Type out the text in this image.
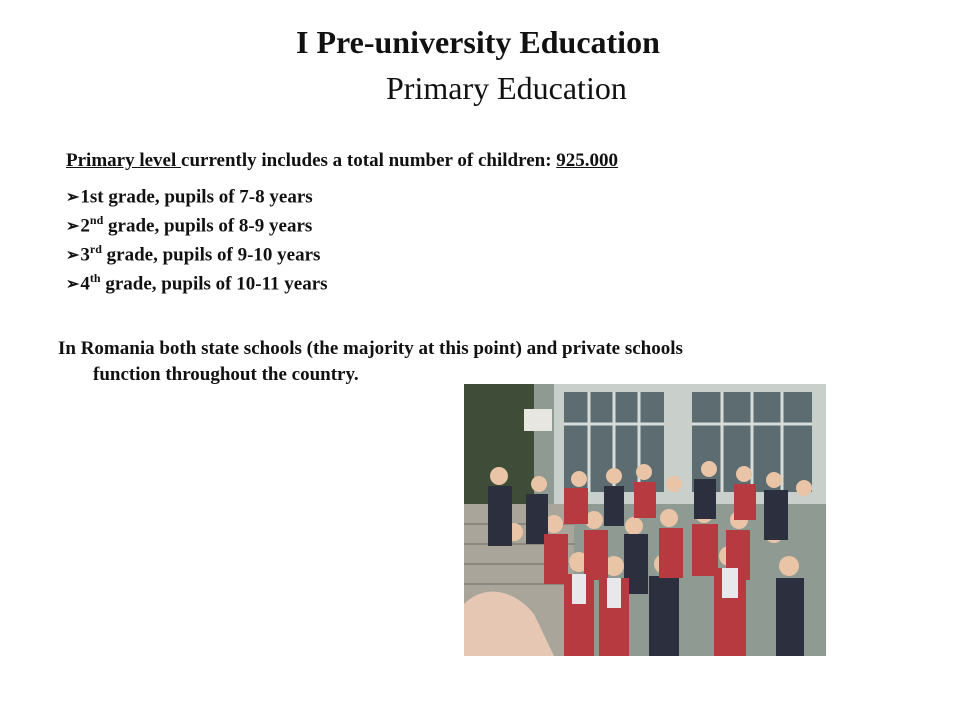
I Pre-university Education
Primary Education
Primary level currently includes a total number of children: 925.000
➢1st grade, pupils of 7-8 years
➢2nd grade, pupils of 8-9 years
➢3rd grade, pupils of 9-10 years
➢4th grade, pupils of 10-11 years
In Romania both state schools (the majority at this point) and private schools
function throughout the country.
